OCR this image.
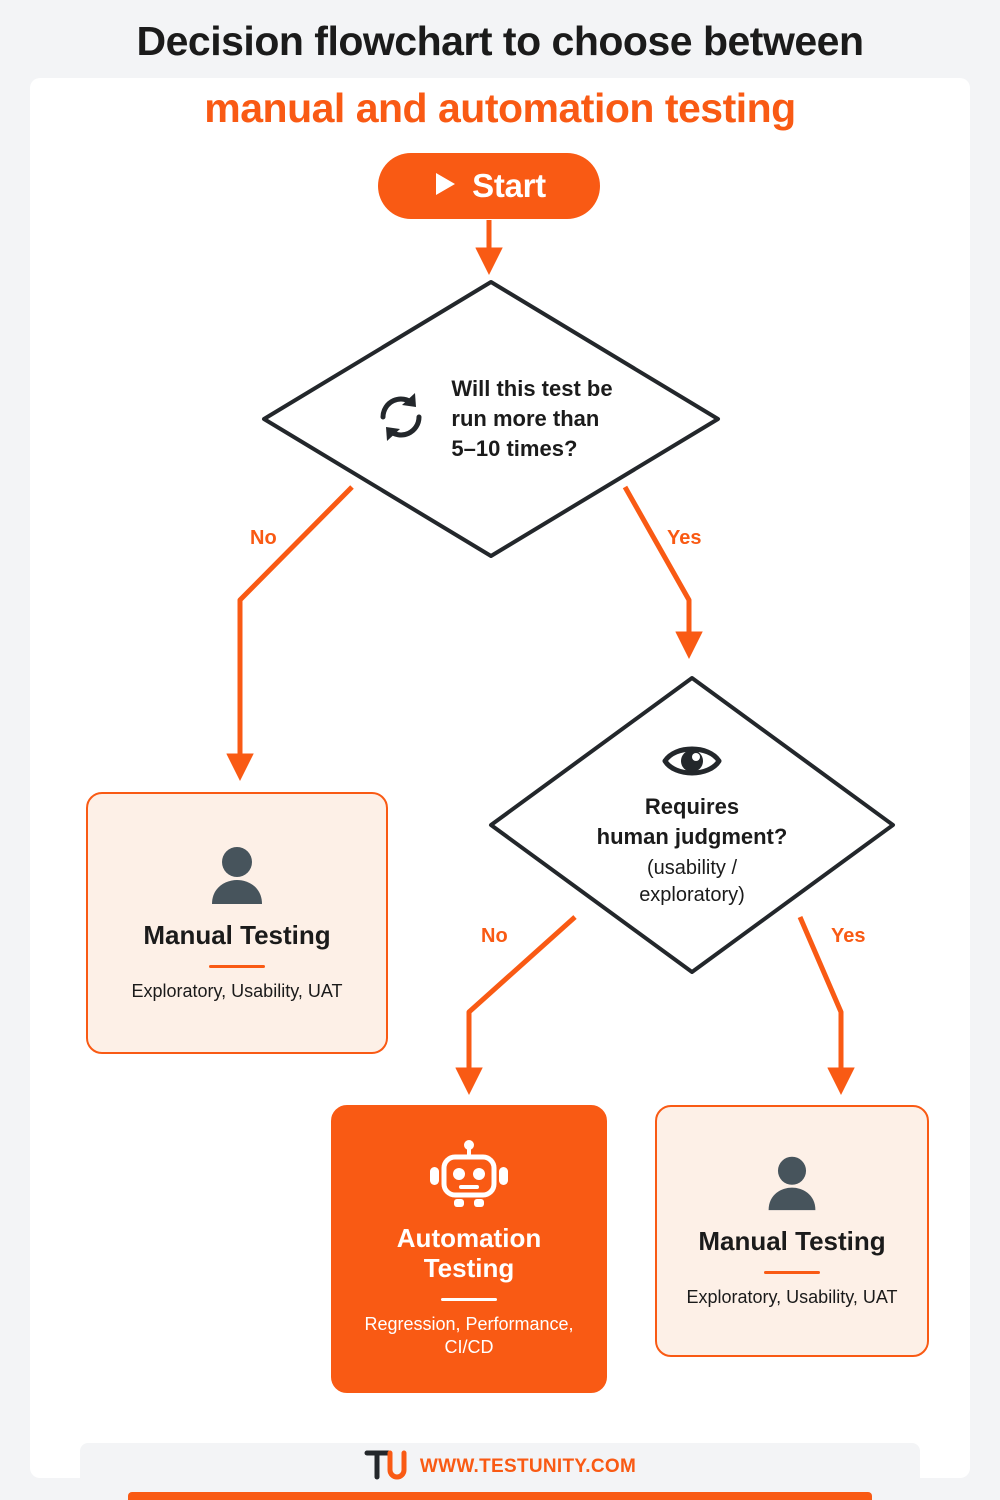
Decision flowchart to choose between
manual and automation testing
Start
Will this test be
run more than
5–10 times?
Requires
human judgment?
(usability /
exploratory)
No	Yes
No	Yes
Manual Testing
Exploratory, Usability, UAT
Automation
Testing
Regression, Performance,
CI/CD
Manual Testing
Exploratory, Usability, UAT
WWW.TESTUNITY.COM
